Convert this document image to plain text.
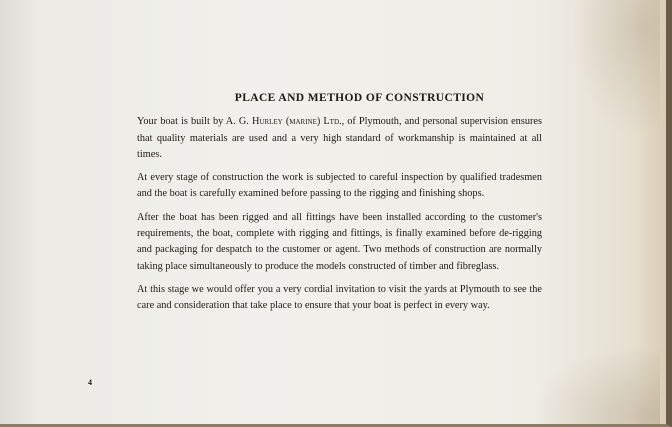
PLACE AND METHOD OF CONSTRUCTION

Your boat is built by A. G. Hurley (marine) Ltd., of Plymouth, and personal supervision ensures that quality materials are used and a very high standard of workmanship is maintained at all times.

At every stage of construction the work is subjected to careful inspection by qualified tradesmen and the boat is carefully examined before passing to the rigging and finishing shops.

After the boat has been rigged and all fittings have been installed according to the customer's requirements, the boat, complete with rigging and fittings, is finally examined before de-rigging and packaging for despatch to the customer or agent. Two methods of construction are normally taking place simultaneously to produce the models constructed of timber and fibreglass.

At this stage we would offer you a very cordial invitation to visit the yards at Plymouth to see the care and consideration that take place to ensure that your boat is perfect in every way.

4
